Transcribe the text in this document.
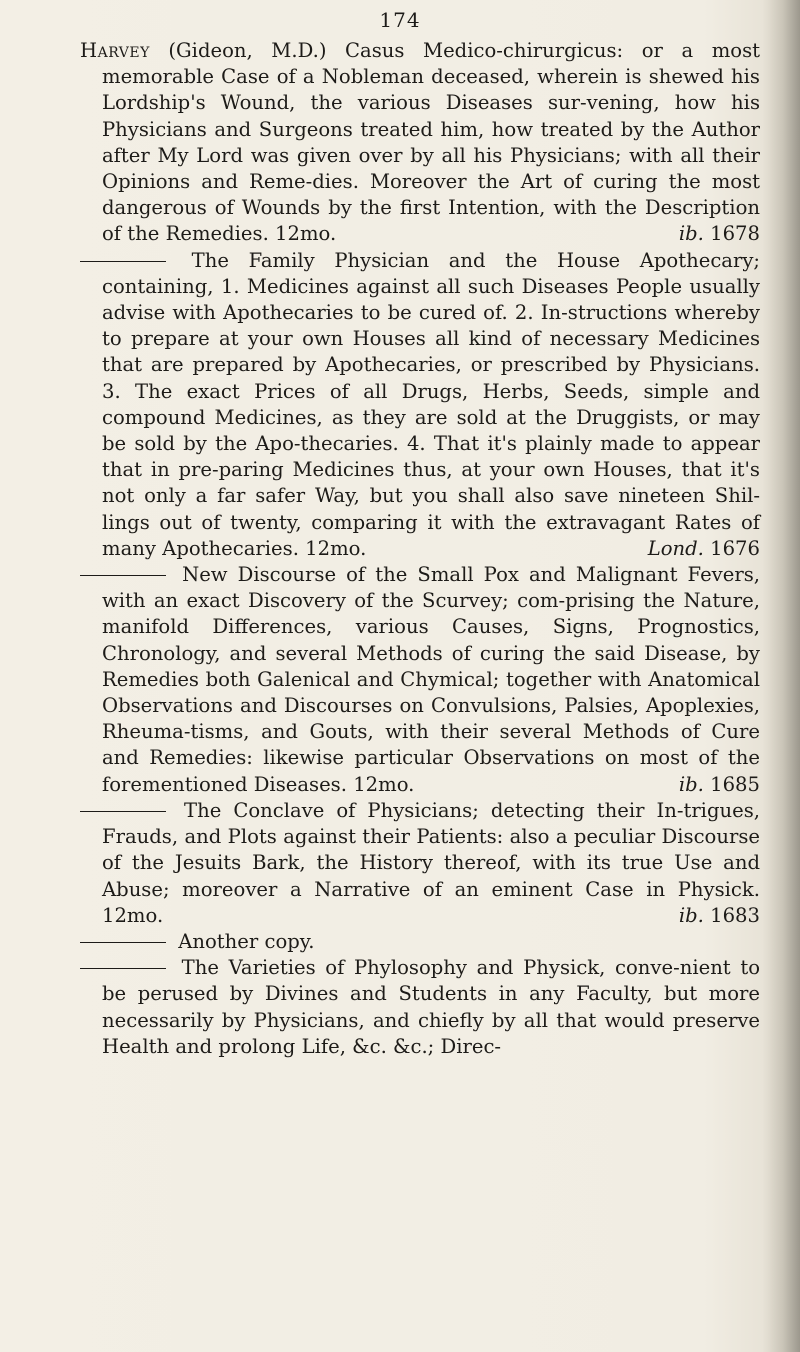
174

Harvey (Gideon, M.D.) Casus Medico-chirurgicus: or a most memorable Case of a Nobleman deceased, wherein is shewed his Lordship's Wound, the various Diseases sur-vening, how his Physicians and Surgeons treated him, how treated by the Author after My Lord was given over by all his Physicians; with all their Opinions and Reme-dies. Moreover the Art of curing the most dangerous of Wounds by the first Intention, with the Description of the Remedies. 12mo.	ib. 1678

The Family Physician and the House Apothecary; containing, 1. Medicines against all such Diseases People usually advise with Apothecaries to be cured of. 2. In-structions whereby to prepare at your own Houses all kind of necessary Medicines that are prepared by Apothecaries, or prescribed by Physicians. 3. The exact Prices of all Drugs, Herbs, Seeds, simple and compound Medicines, as they are sold at the Druggists, or may be sold by the Apo-thecaries. 4. That it's plainly made to appear that in pre-paring Medicines thus, at your own Houses, that it's not only a far safer Way, but you shall also save nineteen Shil-lings out of twenty, comparing it with the extravagant Rates of many Apothecaries. 12mo.	Lond. 1676

New Discourse of the Small Pox and Malignant Fevers, with an exact Discovery of the Scurvey; com-prising the Nature, manifold Differences, various Causes, Signs, Prognostics, Chronology, and several Methods of curing the said Disease, by Remedies both Galenical and Chymical; together with Anatomical Observations and Discourses on Convulsions, Palsies, Apoplexies, Rheuma-tisms, and Gouts, with their several Methods of Cure and Remedies: likewise particular Observations on most of the forementioned Diseases. 12mo.	ib. 1685

The Conclave of Physicians; detecting their In-trigues, Frauds, and Plots against their Patients: also a peculiar Discourse of the Jesuits Bark, the History thereof, with its true Use and Abuse; moreover a Narrative of an eminent Case in Physick. 12mo.	ib. 1683

Another copy.

The Varieties of Phylosophy and Physick, conve-nient to be perused by Divines and Students in any Faculty, but more necessarily by Physicians, and chiefly by all that would preserve Health and prolong Life, &c. &c.; Direc-
